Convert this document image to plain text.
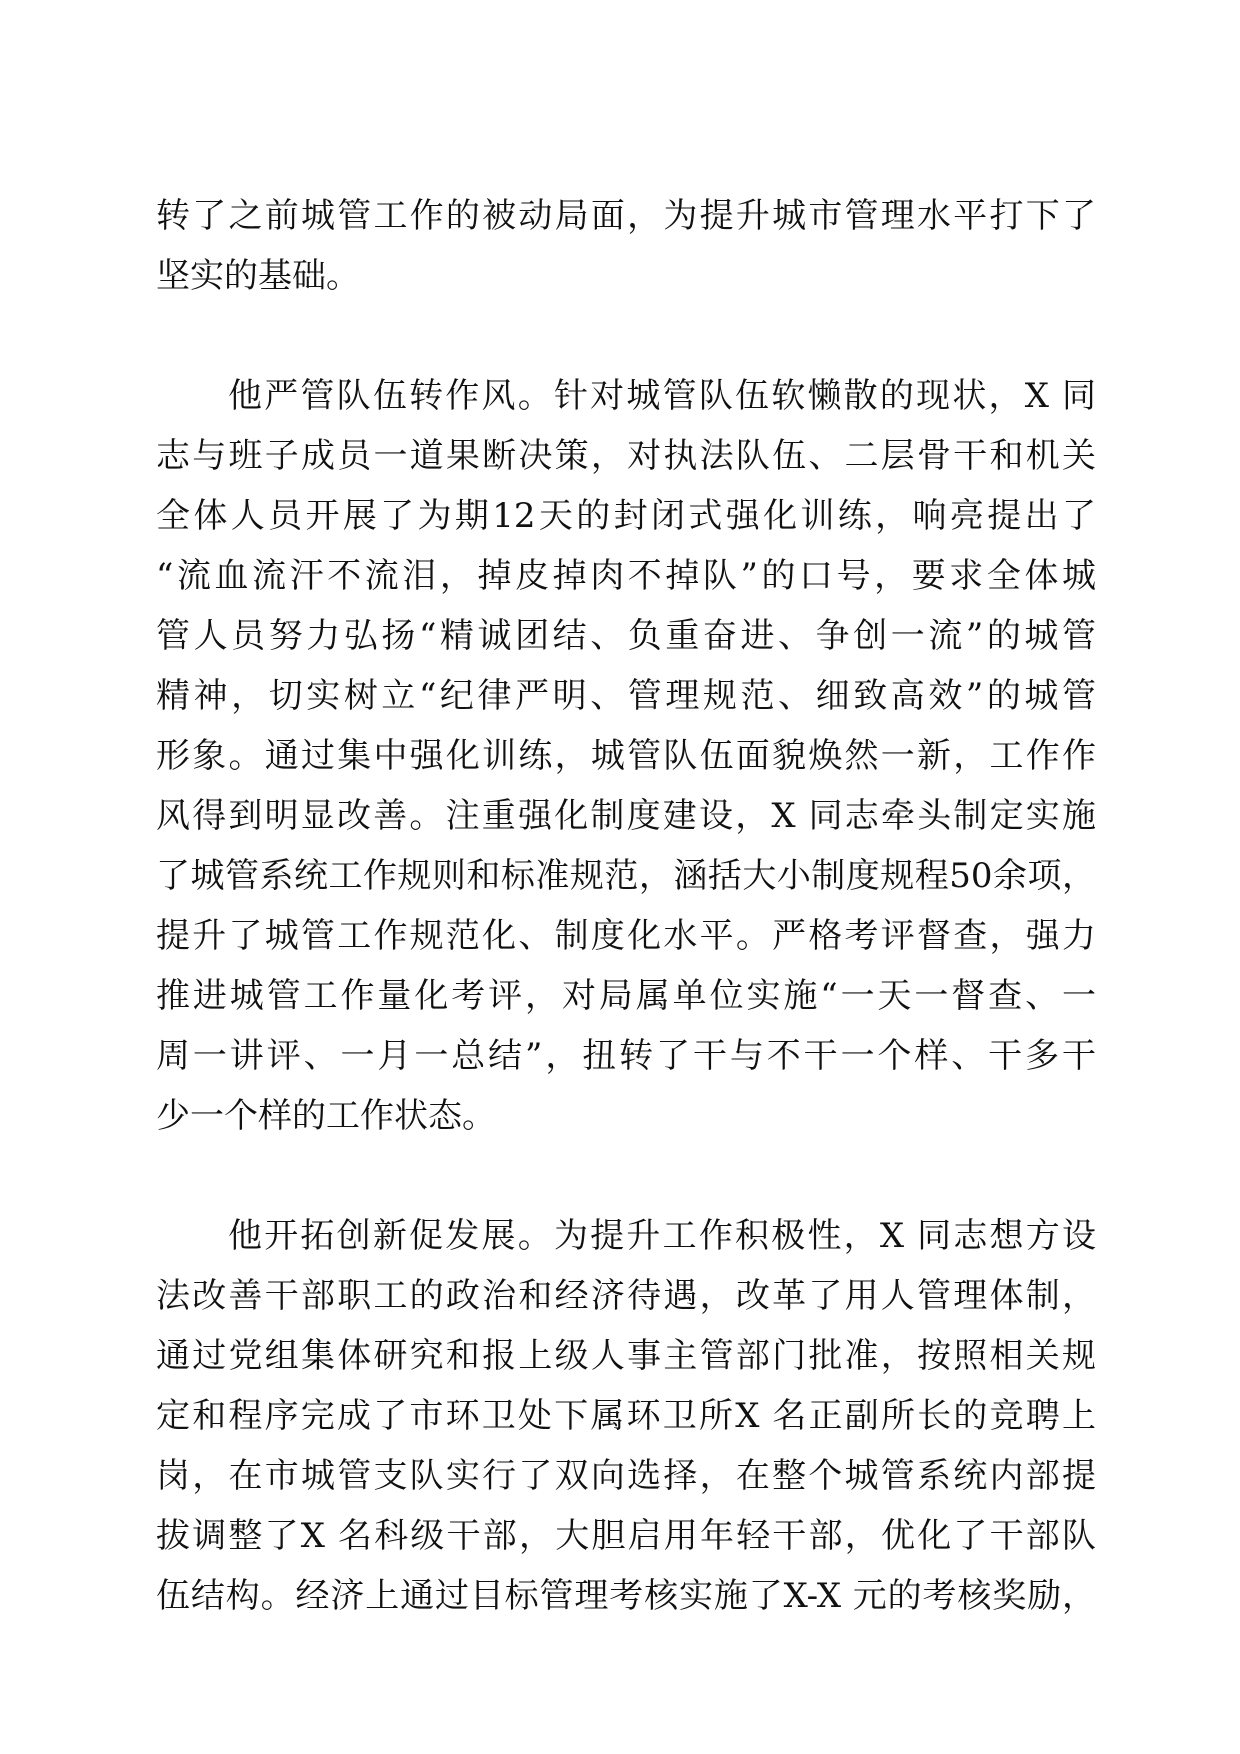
转了之前城管工作的被动局面，为提升城市管理水平打下了
坚实的基础。
他严管队伍转作风。针对城管队伍软懒散的现状，X 同
志与班子成员一道果断决策，对执法队伍、二层骨干和机关
全体人员开展了为期12天的封闭式强化训练，响亮提出了
“流血流汗不流泪，掉皮掉肉不掉队”的口号，要求全体城
管人员努力弘扬“精诚团结、负重奋进、争创一流”的城管
精神，切实树立“纪律严明、管理规范、细致高效”的城管
形象。通过集中强化训练，城管队伍面貌焕然一新，工作作
风得到明显改善。注重强化制度建设，X 同志牵头制定实施
了城管系统工作规则和标准规范，涵括大小制度规程50余项，
提升了城管工作规范化、制度化水平。严格考评督查，强力
推进城管工作量化考评，对局属单位实施“一天一督查、一
周一讲评、一月一总结”，扭转了干与不干一个样、干多干
少一个样的工作状态。
他开拓创新促发展。为提升工作积极性，X 同志想方设
法改善干部职工的政治和经济待遇，改革了用人管理体制，
通过党组集体研究和报上级人事主管部门批准，按照相关规
定和程序完成了市环卫处下属环卫所X 名正副所长的竞聘上
岗，在市城管支队实行了双向选择，在整个城管系统内部提
拔调整了X 名科级干部，大胆启用年轻干部，优化了干部队
伍结构。经济上通过目标管理考核实施了X-X 元的考核奖励，
